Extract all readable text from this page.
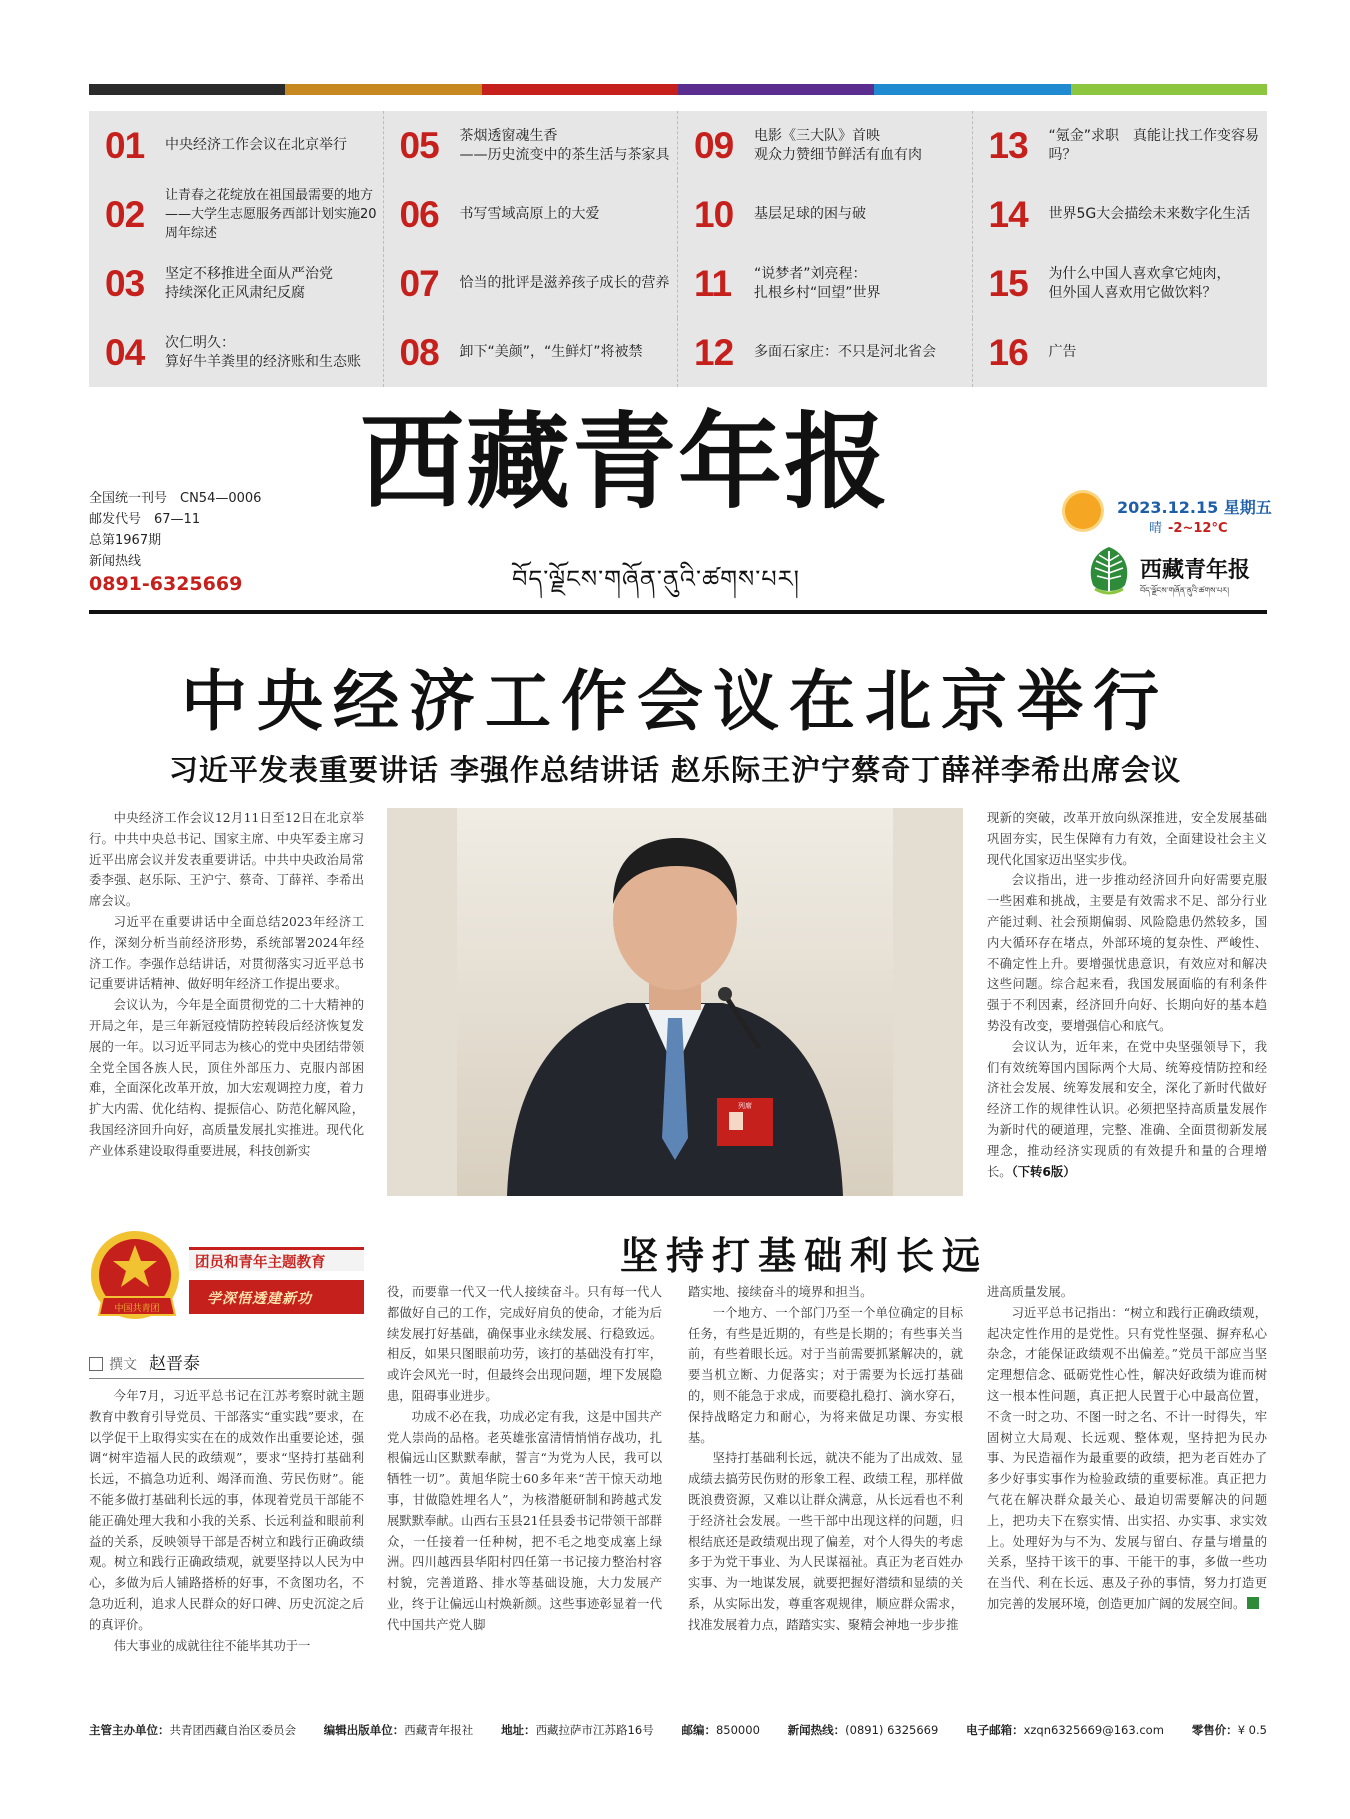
01	中央经济工作会议在北京举行
02	让青春之花绽放在祖国最需要的地方
——大学生志愿服务西部计划实施20周年综述
03	坚定不移推进全面从严治党
持续深化正风肃纪反腐
04	次仁明久：
算好牛羊粪里的经济账和生态账
05	茶烟透窗魂生香
——历史流变中的茶生活与茶家具
06	书写雪域高原上的大爱
07	恰当的批评是滋养孩子成长的营养
08	卸下“美颜”，“生鲜灯”将被禁
09	电影《三大队》首映
观众力赞细节鲜活有血有肉
10	基层足球的困与破
11	“说梦者”刘亮程：
扎根乡村“回望”世界
12	多面石家庄：不只是河北省会
13	“氪金”求职　真能让找工作变容易吗？
14	世界5G大会描绘未来数字化生活
15	为什么中国人喜欢拿它炖肉，
但外国人喜欢用它做饮料？
16	广告
全国统一刊号　CN54—0006
邮发代号　67—11
总第1967期
新闻热线
0891-6325669
西藏青年报
བོད་ལྗོངས་གཞོན་ནུའི་ཚགས་པར།
2023.12.15 星期五
晴 -2~12°C
西藏青年报
བོད་ལྗོངས་གཞོན་ནུའི་ཚགས་པར།
中央经济工作会议在北京举行
习近平发表重要讲话 李强作总结讲话 赵乐际王沪宁蔡奇丁薛祥李希出席会议

中央经济工作会议12月11日至12日在北京举行。中共中央总书记、国家主席、中央军委主席习近平出席会议并发表重要讲话。中共中央政治局常委李强、赵乐际、王沪宁、蔡奇、丁薛祥、李希出席会议。

习近平在重要讲话中全面总结2023年经济工作，深刻分析当前经济形势，系统部署2024年经济工作。李强作总结讲话，对贯彻落实习近平总书记重要讲话精神、做好明年经济工作提出要求。

会议认为，今年是全面贯彻党的二十大精神的开局之年，是三年新冠疫情防控转段后经济恢复发展的一年。以习近平同志为核心的党中央团结带领全党全国各族人民，顶住外部压力、克服内部困难，全面深化改革开放，加大宏观调控力度，着力扩大内需、优化结构、提振信心、防范化解风险，我国经济回升向好，高质量发展扎实推进。现代化产业体系建设取得重要进展，科技创新实

列席

现新的突破，改革开放向纵深推进，安全发展基础巩固夯实，民生保障有力有效，全面建设社会主义现代化国家迈出坚实步伐。

会议指出，进一步推动经济回升向好需要克服一些困难和挑战，主要是有效需求不足、部分行业产能过剩、社会预期偏弱、风险隐患仍然较多，国内大循环存在堵点，外部环境的复杂性、严峻性、不确定性上升。要增强忧患意识，有效应对和解决这些问题。综合起来看，我国发展面临的有利条件强于不利因素，经济回升向好、长期向好的基本趋势没有改变，要增强信心和底气。

会议认为，近年来，在党中央坚强领导下，我们有效统筹国内国际两个大局、统筹疫情防控和经济社会发展、统筹发展和安全，深化了新时代做好经济工作的规律性认识。必须把坚持高质量发展作为新时代的硬道理，完整、准确、全面贯彻新发展理念，推动经济实现质的有效提升和量的合理增长。（下转6版）

中国共青团
团员和青年主题教育
学深悟透建新功
撰文 赵晋泰
坚持打基础利长远

今年7月，习近平总书记在江苏考察时就主题教育中教育引导党员、干部落实“重实践”要求，在以学促干上取得实实在在的成效作出重要论述，强调“树牢造福人民的政绩观”，要求“坚持打基础利长远，不搞急功近利、竭泽而渔、劳民伤财”。能不能多做打基础利长远的事，体现着党员干部能不能正确处理大我和小我的关系、长远利益和眼前利益的关系，反映领导干部是否树立和践行正确政绩观。树立和践行正确政绩观，就要坚持以人民为中心，多做为后人铺路搭桥的好事，不贪图功名，不急功近利，追求人民群众的好口碑、历史沉淀之后的真评价。

伟大事业的成就往往不能毕其功于一

役，而要靠一代又一代人接续奋斗。只有每一代人都做好自己的工作，完成好肩负的使命，才能为后续发展打好基础，确保事业永续发展、行稳致远。相反，如果只图眼前功劳，该打的基础没有打牢，或许会风光一时，但最终会出现问题，埋下发展隐患，阻碍事业进步。

功成不必在我，功成必定有我，这是中国共产党人崇尚的品格。老英雄张富清情悄悄存战功，扎根偏远山区默默奉献，誓言“为党为人民，我可以牺牲一切”。黄旭华院士60多年来“苦干惊天动地事，甘做隐姓埋名人”，为核潜艇研制和跨越式发展默默奉献。山西右玉县21任县委书记带领干部群众，一任接着一任种树，把不毛之地变成塞上绿洲。四川越西县华阳村四任第一书记接力整治村容村貌，完善道路、排水等基础设施，大力发展产业，终于让偏远山村焕新颜。这些事迹彰显着一代代中国共产党人脚

踏实地、接续奋斗的境界和担当。

一个地方、一个部门乃至一个单位确定的目标任务，有些是近期的，有些是长期的；有些事关当前，有些着眼长远。对于当前需要抓紧解决的，就要当机立断、力促落实；对于需要为长远打基础的，则不能急于求成，而要稳扎稳打、滴水穿石，保持战略定力和耐心，为将来做足功课、夯实根基。

坚持打基础利长远，就决不能为了出成效、显成绩去搞劳民伤财的形象工程、政绩工程，那样做既浪费资源，又难以让群众满意，从长远看也不利于经济社会发展。一些干部中出现这样的问题，归根结底还是政绩观出现了偏差，对个人得失的考虑多于为党干事业、为人民谋福祉。真正为老百姓办实事、为一地谋发展，就要把握好潜绩和显绩的关系，从实际出发，尊重客观规律，顺应群众需求，找准发展着力点，踏踏实实、聚精会神地一步步推

进高质量发展。

习近平总书记指出：“树立和践行正确政绩观，起决定性作用的是党性。只有党性坚强、摒弃私心杂念，才能保证政绩观不出偏差。”党员干部应当坚定理想信念、砥砺党性心性，解决好政绩为谁而树这一根本性问题，真正把人民置于心中最高位置，不贪一时之功、不图一时之名、不计一时得失，牢固树立大局观、长远观、整体观，坚持把为民办事、为民造福作为最重要的政绩，把为老百姓办了多少好事实事作为检验政绩的重要标准。真正把力气花在解决群众最关心、最迫切需要解决的问题上，把功夫下在察实情、出实招、办实事、求实效上。处理好为与不为、发展与留白、存量与增量的关系，坚持干该干的事、干能干的事，多做一些功在当代、利在长远、惠及子孙的事情，努力打造更加完善的发展环境，创造更加广阔的发展空间。

主管主办单位：共青团西藏自治区委员会 编辑出版单位：西藏青年报社 地址：西藏拉萨市江苏路16号 邮编：850000 新闻热线：(0891) 6325669 电子邮箱：xzqn6325669@163.com 零售价：¥ 0.5
